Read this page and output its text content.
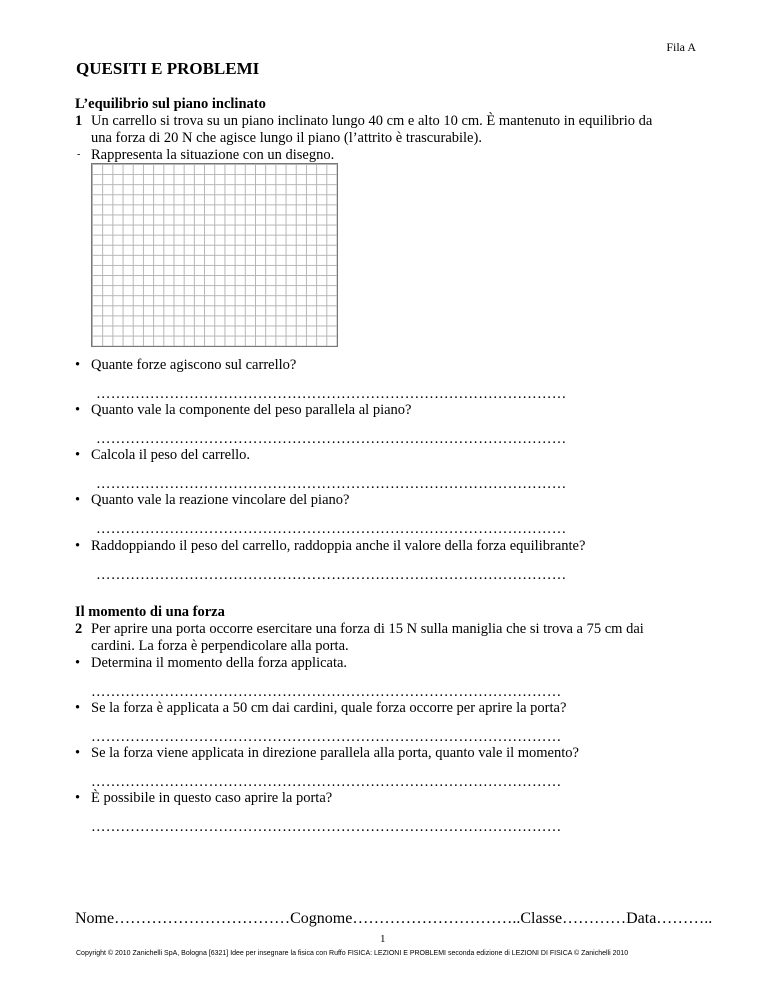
Fila A
QUESITI E PROBLEMI
L’equilibrio sul piano inclinato
1 Un carrello si trova su un piano inclinato lungo 40 cm e alto 10 cm. È mantenuto in equilibrio da
una forza di 20 N che agisce lungo il piano (l’attrito è trascurabile).
- Rappresenta la situazione con un disegno.
• Quante forze agiscono sul carrello?
……………………………………………………………………………………
• Quanto vale la componente del peso parallela al piano?
……………………………………………………………………………………
• Calcola il peso del carrello.
……………………………………………………………………………………
• Quanto vale la reazione vincolare del piano?
……………………………………………………………………………………
• Raddoppiando il peso del carrello, raddoppia anche il valore della forza equilibrante?
……………………………………………………………………………………
Il momento di una forza
2 Per aprire una porta occorre esercitare una forza di 15 N sulla maniglia che si trova a 75 cm dai
cardini. La forza è perpendicolare alla porta.
• Determina il momento della forza applicata.
……………………………………………………………………………………
• Se la forza è applicata a 50 cm dai cardini, quale forza occorre per aprire la porta?
……………………………………………………………………………………
• Se la forza viene applicata in direzione parallela alla porta, quanto vale il momento?
……………………………………………………………………………………
• È possibile in questo caso aprire la porta?
……………………………………………………………………………………
Nome……………………………Cognome…………………………..Classe…………Data………..
1
Copyright © 2010 Zanichelli SpA, Bologna [6321] Idee per insegnare la fisica con Ruffo FISICA: LEZIONI E PROBLEMI seconda edizione di LEZIONI DI FISICA © Zanichelli 2010
